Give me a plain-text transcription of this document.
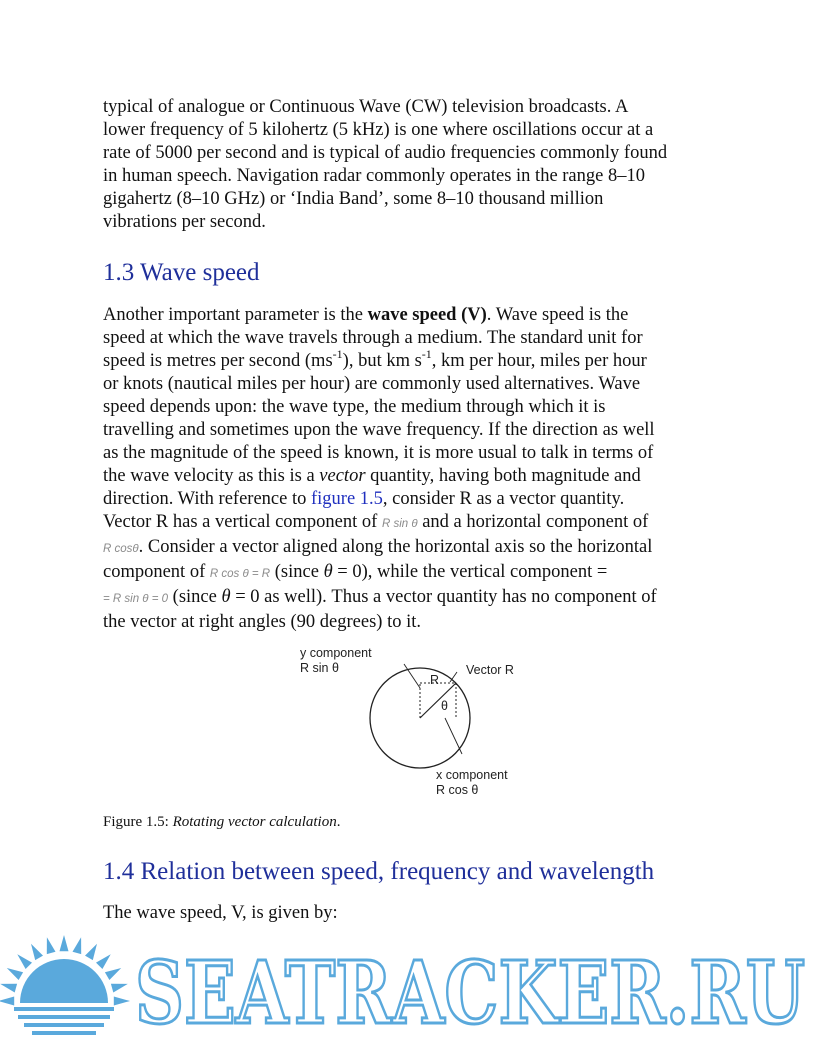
typical of analogue or Continuous Wave (CW) television broadcasts. A
lower frequency of 5 kilohertz (5 kHz) is one where oscillations occur at a
rate of 5000 per second and is typical of audio frequencies commonly found
in human speech. Navigation radar commonly operates in the range 8–10
gigahertz (8–10 GHz) or ‘India Band’, some 8–10 thousand million
vibrations per second.
1.3 Wave speed
Another important parameter is the wave speed (V). Wave speed is the
speed at which the wave travels through a medium. The standard unit for
speed is metres per second $(ms^{-1})$, but km $s^{-1}$, km per hour, miles per hour
or knots (nautical miles per hour) are commonly used alternatives. Wave
speed depends upon: the wave type, the medium through which it is
travelling and sometimes upon the wave frequency. If the direction as well
as the magnitude of the speed is known, it is more usual to talk in terms of
the wave velocity as this is a vector quantity, having both magnitude and
direction. With reference to figure 1.5, consider R as a vector quantity.
Vector R has a vertical component of R sin θ and a horizontal component of
R cosθ. Consider a vector aligned along the horizontal axis so the horizontal
component of R cos θ = R (since θ = 0), while the vertical component =
= R sin θ = 0 (since θ = 0 as well). Thus a vector quantity has no component of
the vector at right angles (90 degrees) to it.
y component
R sin θ	Vector R
R
θ
x component
R cos θ
Figure 1.5: Rotating vector calculation.
1.4 Relation between speed, frequency and wavelength
The wave speed, V, is given by:
SEATRACKER.RU
